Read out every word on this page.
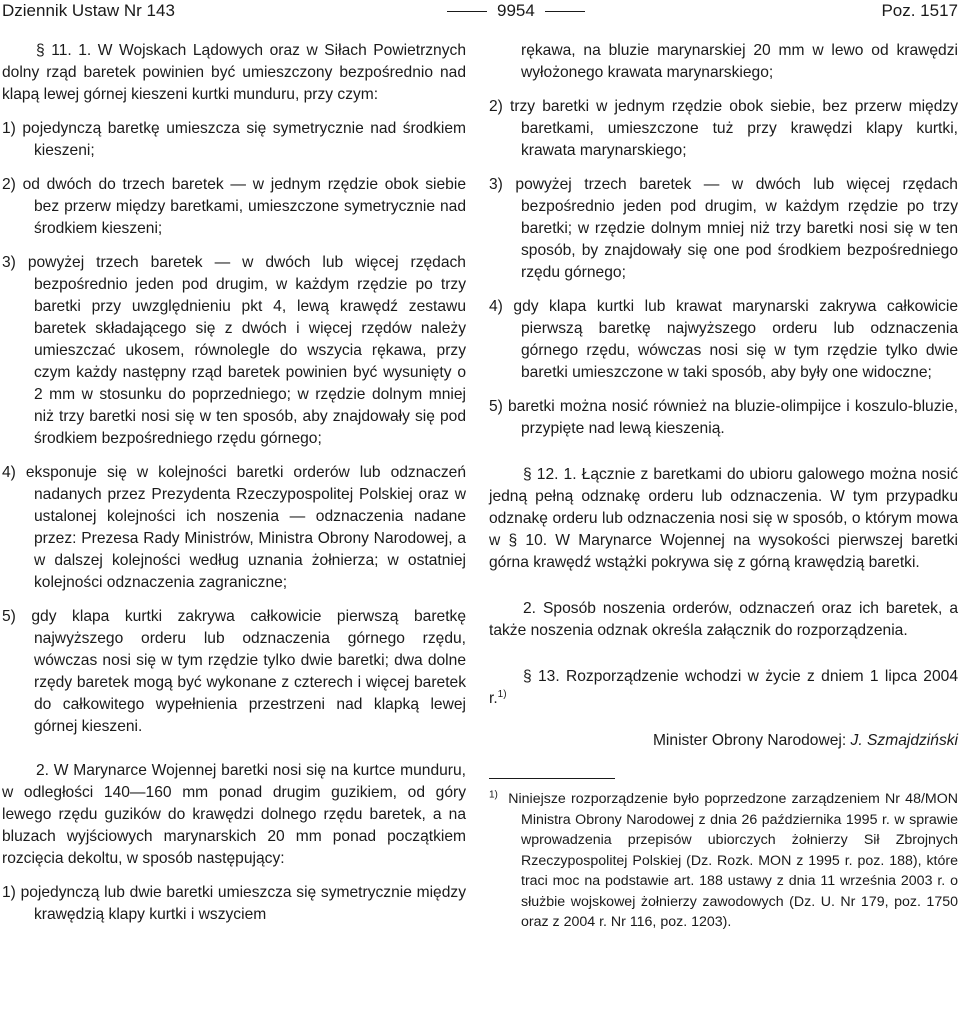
Dziennik Ustaw Nr 143	9954	Poz. 1517

§ 11. 1. W Wojskach Lądowych oraz w Siłach Powietrznych dolny rząd baretek powinien być umieszczony bezpośrednio nad klapą lewej górnej kieszeni kurtki munduru, przy czym:

1) pojedynczą baretkę umieszcza się symetrycznie nad środkiem kieszeni;

2) od dwóch do trzech baretek — w jednym rzędzie obok siebie bez przerw między baretkami, umieszczone symetrycznie nad środkiem kieszeni;

3) powyżej trzech baretek — w dwóch lub więcej rzędach bezpośrednio jeden pod drugim, w każdym rzędzie po trzy baretki przy uwzględnieniu pkt 4, lewą krawędź zestawu baretek składającego się z dwóch i więcej rzędów należy umieszczać ukosem, równolegle do wszycia rękawa, przy czym każdy następny rząd baretek powinien być wysunięty o 2 mm w stosunku do poprzedniego; w rzędzie dolnym mniej niż trzy baretki nosi się w ten sposób, aby znajdowały się pod środkiem bezpośredniego rzędu górnego;

4) eksponuje się w kolejności baretki orderów lub odznaczeń nadanych przez Prezydenta Rzeczypospolitej Polskiej oraz w ustalonej kolejności ich noszenia — odznaczenia nadane przez: Prezesa Rady Ministrów, Ministra Obrony Narodowej, a w dalszej kolejności według uznania żołnierza; w ostatniej kolejności odznaczenia zagraniczne;

5) gdy klapa kurtki zakrywa całkowicie pierwszą baretkę najwyższego orderu lub odznaczenia górnego rzędu, wówczas nosi się w tym rzędzie tylko dwie baretki; dwa dolne rzędy baretek mogą być wykonane z czterech i więcej baretek do całkowitego wypełnienia przestrzeni nad klapką lewej górnej kieszeni.

2. W Marynarce Wojennej baretki nosi się na kurtce munduru, w odległości 140—160 mm ponad drugim guzikiem, od góry lewego rzędu guzików do krawędzi dolnego rzędu baretek, a na bluzach wyjściowych marynarskich 20 mm ponad początkiem rozcięcia dekoltu, w sposób następujący:

1) pojedynczą lub dwie baretki umieszcza się symetrycznie między krawędzią klapy kurtki i wszyciem

rękawa, na bluzie marynarskiej 20 mm w lewo od krawędzi wyłożonego krawata marynarskiego;

2) trzy baretki w jednym rzędzie obok siebie, bez przerw między baretkami, umieszczone tuż przy krawędzi klapy kurtki, krawata marynarskiego;

3) powyżej trzech baretek — w dwóch lub więcej rzędach bezpośrednio jeden pod drugim, w każdym rzędzie po trzy baretki; w rzędzie dolnym mniej niż trzy baretki nosi się w ten sposób, by znajdowały się one pod środkiem bezpośredniego rzędu górnego;

4) gdy klapa kurtki lub krawat marynarski zakrywa całkowicie pierwszą baretkę najwyższego orderu lub odznaczenia górnego rzędu, wówczas nosi się w tym rzędzie tylko dwie baretki umieszczone w taki sposób, aby były one widoczne;

5) baretki można nosić również na bluzie-olimpijce i koszulo-bluzie, przypięte nad lewą kieszenią.

§ 12. 1. Łącznie z baretkami do ubioru galowego można nosić jedną pełną odznakę orderu lub odznaczenia. W tym przypadku odznakę orderu lub odznaczenia nosi się w sposób, o którym mowa w § 10. W Marynarce Wojennej na wysokości pierwszej baretki górna krawędź wstążki pokrywa się z górną krawędzią baretki.

2. Sposób noszenia orderów, odznaczeń oraz ich baretek, a także noszenia odznak określa załącznik do rozporządzenia.

§ 13. Rozporządzenie wchodzi w życie z dniem 1 lipca 2004 r.$^{1)}$

Minister Obrony Narodowej: J. Szmajdziński

$^{1)}$ Niniejsze rozporządzenie było poprzedzone zarządzeniem Nr 48/MON Ministra Obrony Narodowej z dnia 26 października 1995 r. w sprawie wprowadzenia przepisów ubiorczych żołnierzy Sił Zbrojnych Rzeczypospolitej Polskiej (Dz. Rozk. MON z 1995 r. poz. 188), które traci moc na podstawie art. 188 ustawy z dnia 11 września 2003 r. o służbie wojskowej żołnierzy zawodowych (Dz. U. Nr 179, poz. 1750 oraz z 2004 r. Nr 116, poz. 1203).
